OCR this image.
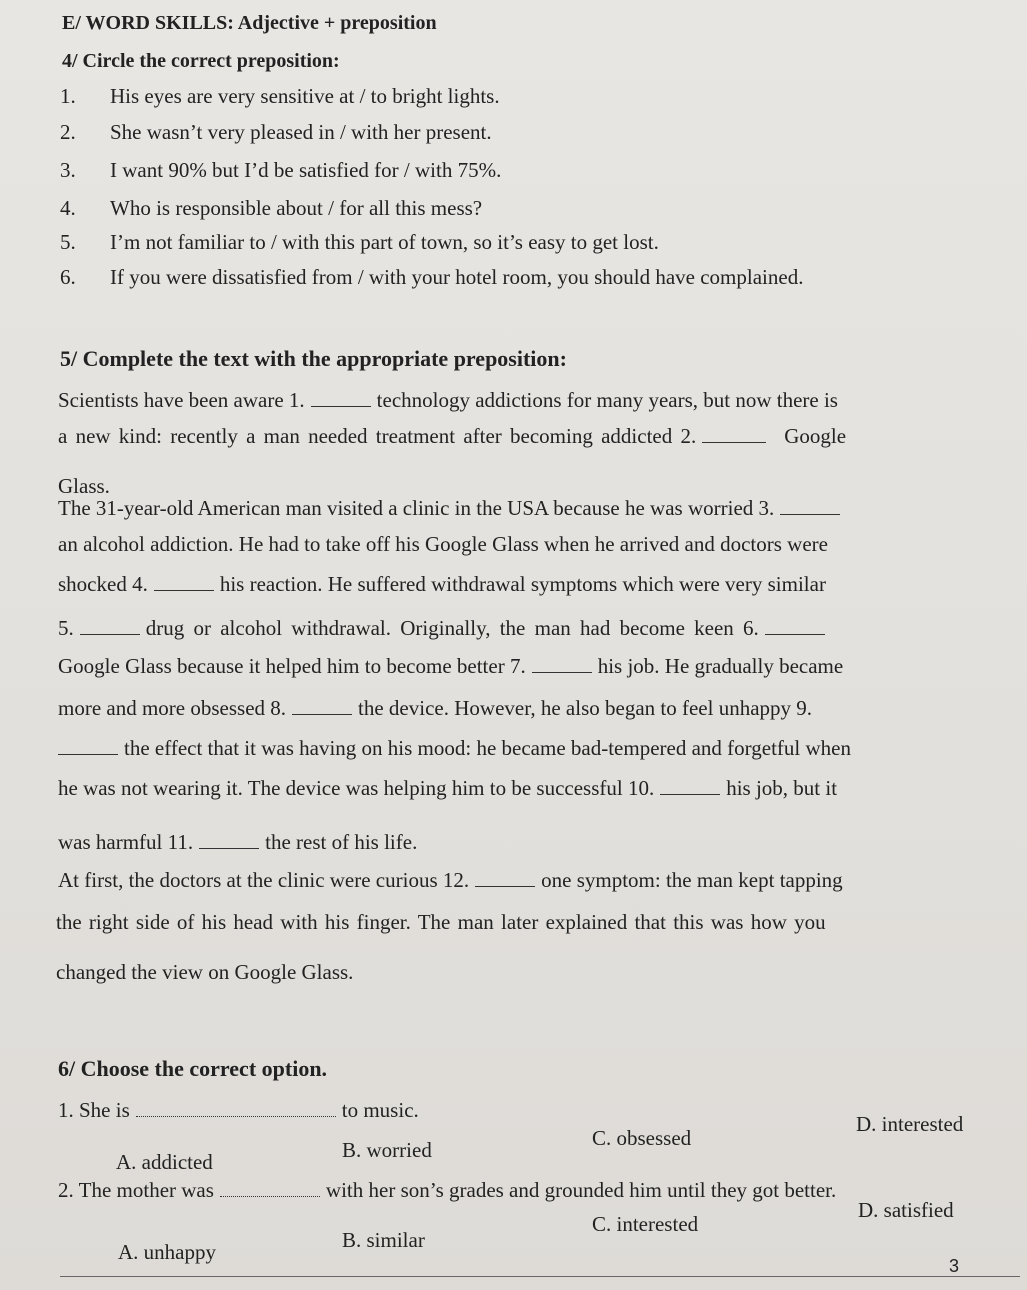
E/ WORD SKILLS: Adjective + preposition
4/ Circle the correct preposition:
1. His eyes are very sensitive at / to bright lights.
2. She wasn’t very pleased in / with her present.
3. I want 90% but I’d be satisfied for / with 75%.
4. Who is responsible about / for all this mess?
5. I’m not familiar to / with this part of town, so it’s easy to get lost.
6. If you were dissatisfied from / with your hotel room, you should have complained.
5/ Complete the text with the appropriate preposition:
Scientists have been aware 1.	technology addictions for many years, but now there is
a new kind: recently a man needed treatment after becoming addicted 2.	Google
Glass.
The 31-year-old American man visited a clinic in the USA because he was worried 3.
an alcohol addiction. He had to take off his Google Glass when he arrived and doctors were
shocked 4.	his reaction. He suffered withdrawal symptoms which were very similar
5.	drug or alcohol withdrawal. Originally, the man had become keen 6.
Google Glass because it helped him to become better 7.	his job. He gradually became
more and more obsessed 8.	the device. However, he also began to feel unhappy 9.
the effect that it was having on his mood: he became bad-tempered and forgetful when
he was not wearing it. The device was helping him to be successful 10.	his job, but it
was harmful 11.	the rest of his life.
At first, the doctors at the clinic were curious 12.	one symptom: the man kept tapping
the right side of his head with his finger. The man later explained that this was how you
changed the view on Google Glass.
6/ Choose the correct option.
1. She is	to music.
A. addicted	B. worried	C. obsessed
D. interested
2. The mother was	with her son’s grades and grounded him until they got better.
A. unhappy	B. similar
C. interested
D. satisfied
3
